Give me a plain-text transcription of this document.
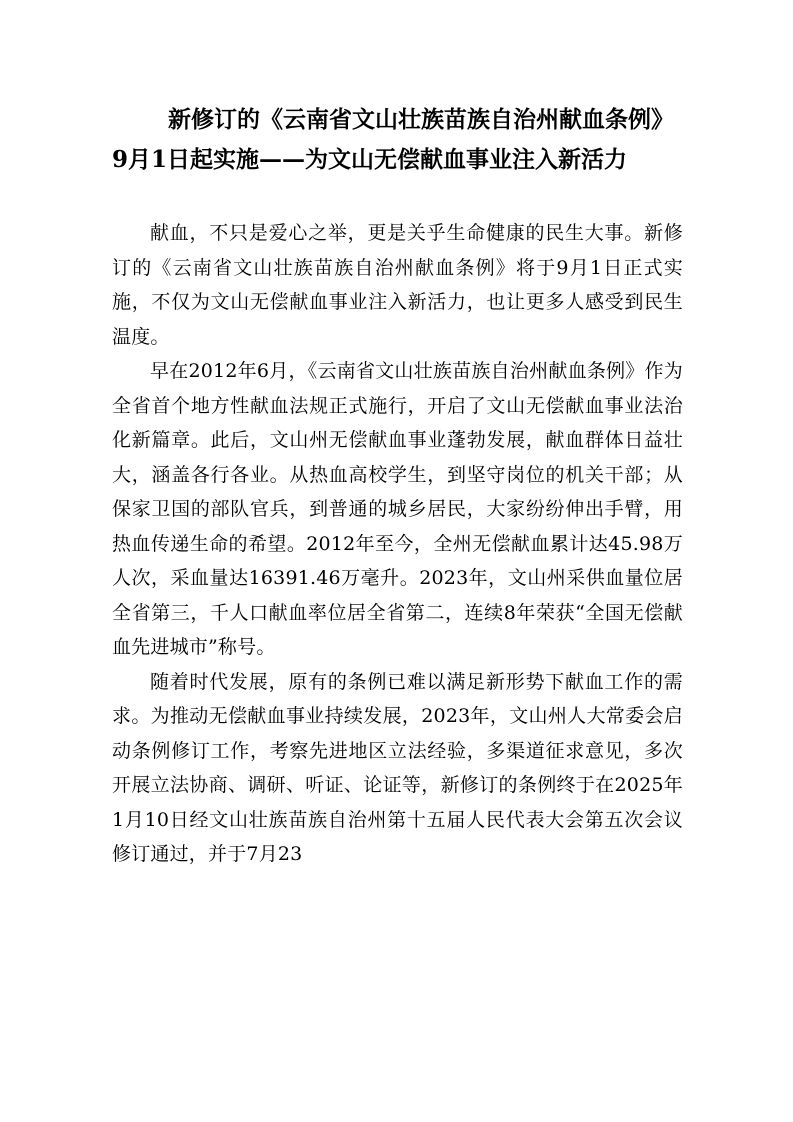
新修订的《云南省文山壮族苗族自治州献血条例》
9月1日起实施——为文山无偿献血事业注入新活力

献血，不只是爱心之举，更是关乎生命健康的民生大事。新修订的《云南省文山壮族苗族自治州献血条例》将于9月1日正式实施，不仅为文山无偿献血事业注入新活力，也让更多人感受到民生温度。

早在2012年6月，《云南省文山壮族苗族自治州献血条例》作为全省首个地方性献血法规正式施行，开启了文山无偿献血事业法治化新篇章。此后，文山州无偿献血事业蓬勃发展，献血群体日益壮大，涵盖各行各业。从热血高校学生，到坚守岗位的机关干部；从保家卫国的部队官兵，到普通的城乡居民，大家纷纷伸出手臂，用热血传递生命的希望。2012年至今，全州无偿献血累计达45.98万人次，采血量达16391.46万毫升。2023年，文山州采供血量位居全省第三，千人口献血率位居全省第二，连续8年荣获“全国无偿献血先进城市”称号。

随着时代发展，原有的条例已难以满足新形势下献血工作的需求。为推动无偿献血事业持续发展，2023年，文山州人大常委会启动条例修订工作，考察先进地区立法经验，多渠道征求意见，多次开展立法协商、调研、听证、论证等，新修订的条例终于在2025年1月10日经文山壮族苗族自治州第十五届人民代表大会第五次会议修订通过，并于7月23
